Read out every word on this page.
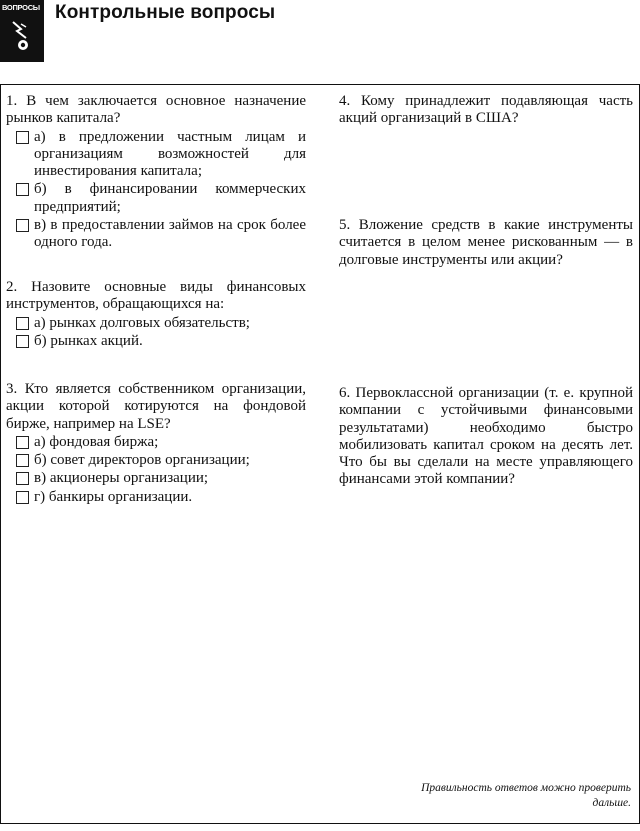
ВОПРОСЫ Контрольные вопросы
1. В чем заключается основное назначение рынков капитала?
а) в предложении частным лицам и организациям возможностей для инвестирования капитала;
б) в финансировании коммерческих предприятий;
в) в предоставлении займов на срок более одного года.
2. Назовите основные виды финансовых инструментов, обращающихся на:
а) рынках долговых обязательств;
б) рынках акций.
3. Кто является собственником организации, акции которой котируются на фондовой бирже, например на LSE?
а) фондовая биржа;
б) совет директоров организации;
в) акционеры организации;
г) банкиры организации.
4. Кому принадлежит подавляющая часть акций организаций в США?
5. Вложение средств в какие инструменты считается в целом менее рискованным — в долговые инструменты или акции?
6. Первоклассной организации (т. е. крупной компании с устойчивыми финансовыми результатами) необходимо быстро мобилизовать капитал сроком на десять лет. Что бы вы сделали на месте управляющего финансами этой компании?
Правильность ответов можно проверить
дальше.
